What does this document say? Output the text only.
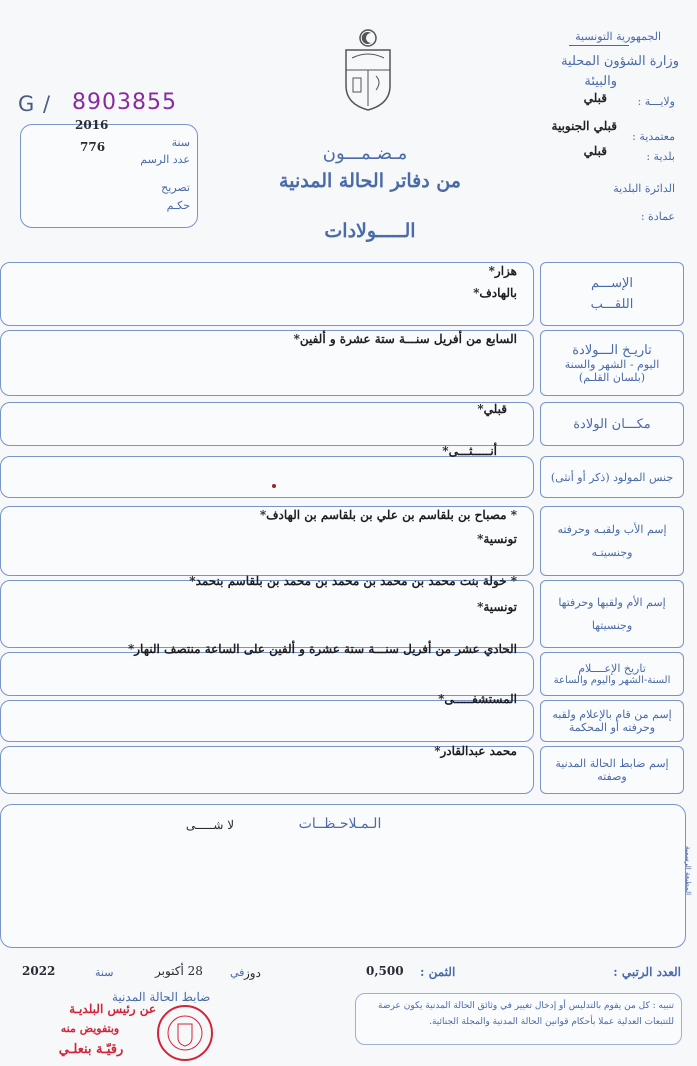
الجمهورية التونسية
وزارة الشؤون المحلية
والبيئة
ولايـــة :
قبلي
معتمدية :
قبلي الجنوبية
بلدية :
قبلي
الدائرة البلدية
عمادة :
G / 8903855
2016
سنة
776
عدد الرسم
تصريح
حكـم
مـضـمـــون
من دفاتر الحالة المدنية
الـــــولادات
الإســـم
اللقـــب
هزار*
بالهادف*
تاريـخ الـــولادة
اليوم - الشهر والسنة
(بلسان القلـم)
السابع من أفريل سنـــة ستة عشرة و ألفين*
مكـــان الولادة
قبلي*
جنس المولود (ذكر أو أنثى)
أنـــــثـــى*
إسم الأب ولقبـه وحرفته
وجنسيتـه
* مصباح بن بلقاسم بن علي بن بلقاسم بن الهادف*
تونسية*
إسم الأم ولقبها وحرفتها
وجنسيتها
* خولة بنت محمد بن محمد بن محمد بن محمد بن بلقاسم بنحمد*
تونسية*
تاريخ الإعــــلام
السنة-الشهر واليوم والساعة
الحادي عشر من أفريل سنـــة ستة عشرة و ألفين على الساعة منتصف النهار*
إسم من قام بالإعلام ولقبه
وحرفته أو المحكمة
المستشفـــــى*
إسم ضابط الحالة المدنية
وصفته
محمد عبدالقادر*
الـمـلاحـظــات
لا شـــــى
المطبعة الرسمية
العدد الرتبي :
الثمن :
0,500
دوز
في
28 أكتوبر
سنة
2022
ضابط الحالة المدنية
عن رئيس البلديـة
وبتفويض منه
رقيّـة بنعلـي
تنبيه : كل من يقوم بالتدليس أو إدخال تغيير في وثائق الحالة المدنية يكون عرضة للتتبعات العدلية عملا بأحكام قوانين الحالة المدنية والمجلة الجنائية.
